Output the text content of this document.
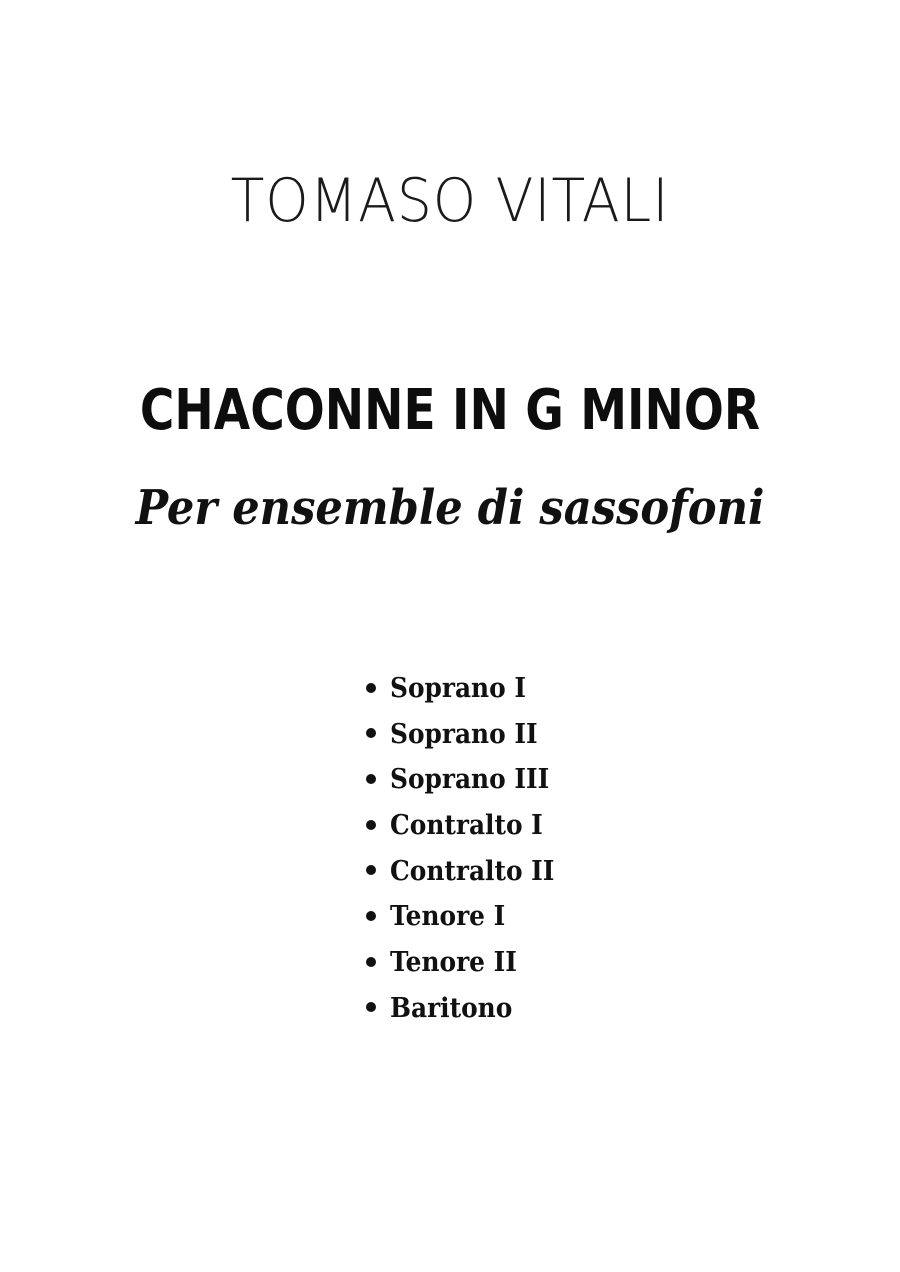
TOMASO VITALI
CHACONNE IN G MINOR
Per ensemble di sassofoni
Soprano I
Soprano II
Soprano III
Contralto I
Contralto II
Tenore I
Tenore II
Baritono
